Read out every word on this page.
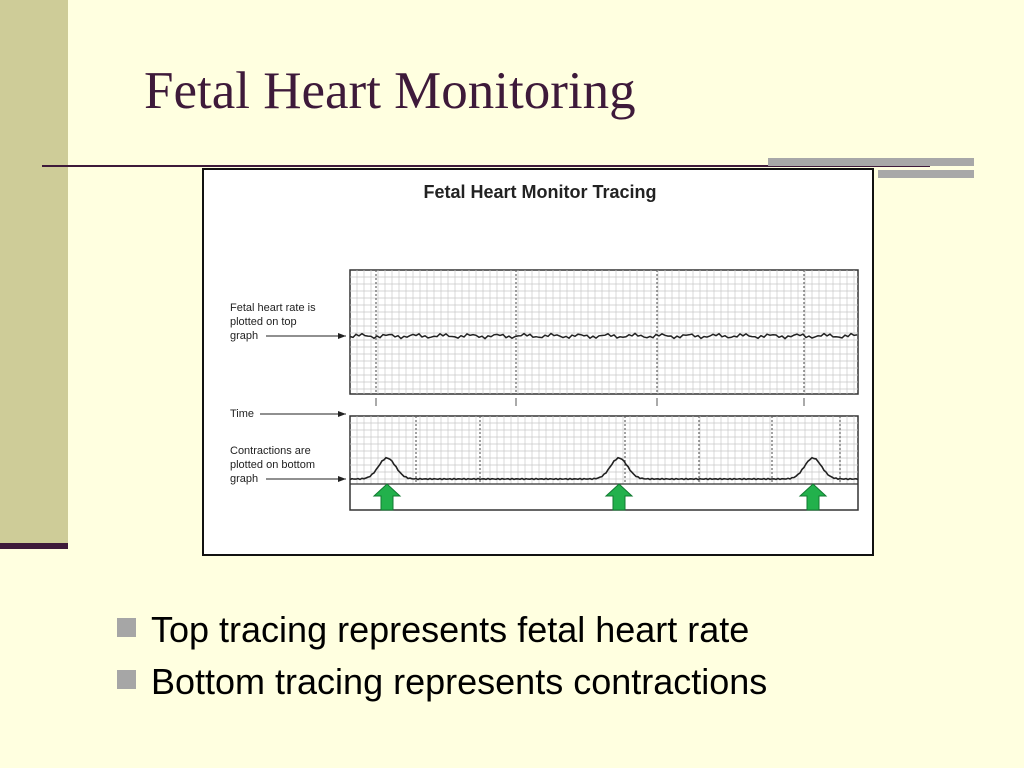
Fetal Heart Monitoring
Fetal Heart Monitor Tracing
Fetal heart rate is plotted on top graph
Time
Contractions are plotted on bottom graph
Top tracing represents fetal heart rate
Bottom tracing represents contractions
